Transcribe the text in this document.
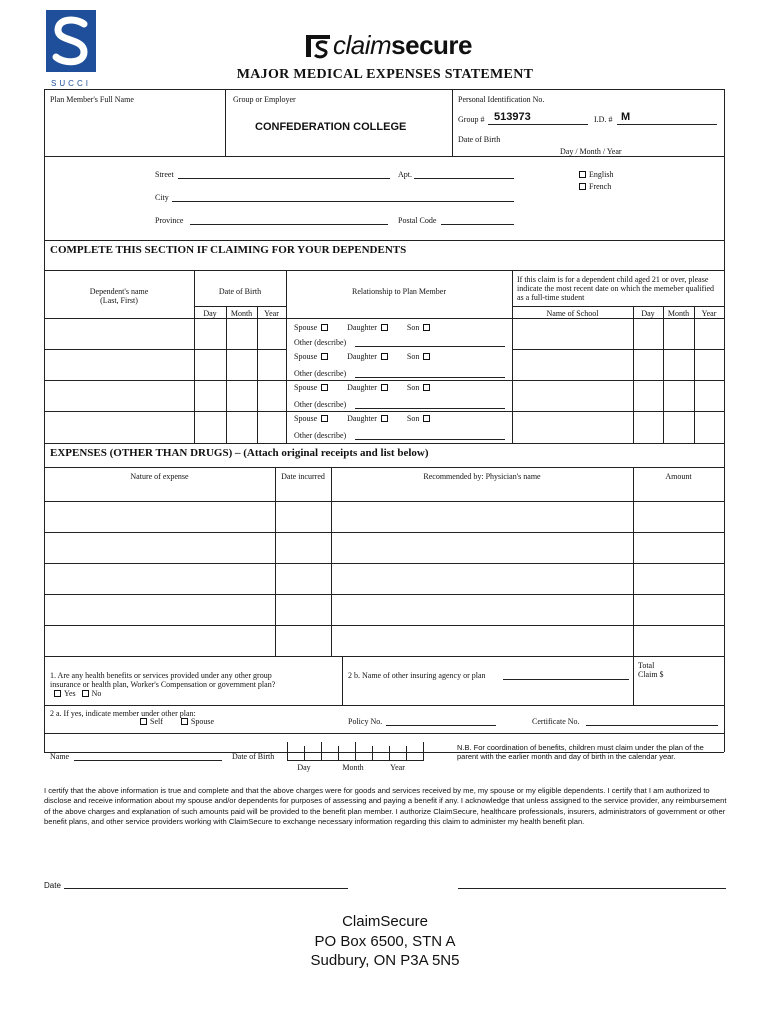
SUCCI
claim secure
MAJOR MEDICAL EXPENSES STATEMENT
Plan Member's Full Name	Group or Employer
CONFEDERATION COLLEGE
Personal Identification No.
Group # 513973	I.D. # M
Date of Birth
Day / Month / Year
Street	Apt.	English
French
City
Province	Postal Code
COMPLETE THIS SECTION IF CLAIMING FOR YOUR DEPENDENTS
Dependent's name
(Last, First)
Date of Birth
Day	Month	Year
Relationship to Plan Member
If this claim is for a dependent child aged 21 or over, please indicate the most recent date on which the memeber qualified as a full-time student
Name of School	Day	Month	Year
Spouse	Daughter	Son
Other (describe)
Spouse	Daughter	Son
Other (describe)
Spouse	Daughter	Son
Other (describe)
Spouse	Daughter	Son
Other (describe)
EXPENSES (OTHER THAN DRUGS) – (Attach original receipts and list below)
Nature of expense	Date incurred	Recommended by: Physician's name	Amount
Total
Claim $
1. Are any health benefits or services provided under any other group insurance or health plan, Worker's Compensation or government plan? Yes No
2 b. Name of other insuring agency or plan
2 a. If yes, indicate member under other plan:
Self	Spouse	Policy No.	Certificate No.
Name	Date of Birth
Day	Month	Year
N.B. For coordination of benefits, children must claim under the plan of the parent with the earlier month and day of birth in the calendar year.
I certify that the above information is true and complete and that the above charges were for goods and services received by me, my spouse or my eligible dependents. I certify that I am authorized to disclose and receive information about my spouse and/or dependents for purposes of assessing and paying a benefit if any. I acknowledge that unless assigned to the service provider, any reimbursement of the above charges and explanation of such amounts paid will be provided to the benefit plan member. I authorize ClaimSecure, healthcare professionals, insurers, administrators of government or other benefit plans, and other service providers working with ClaimSecure to exchange necessary information regarding this claim to administer my health benefit plan.
Date
ClaimSecure
PO Box 6500, STN A
Sudbury, ON P3A 5N5
